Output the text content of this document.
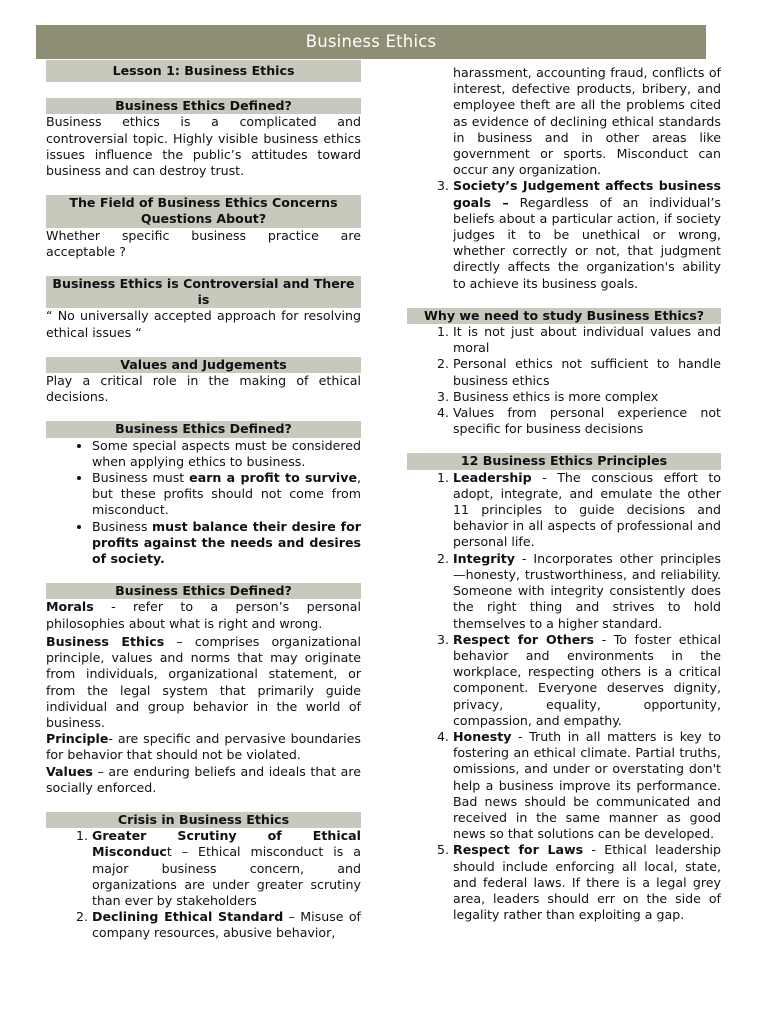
Business Ethics
Lesson 1: Business Ethics
Business Ethics Defined?

Business ethics is a complicated and controversial topic. Highly visible business ethics issues influence the public’s attitudes toward business and can destroy trust.

The Field of Business Ethics Concerns Questions About?

Whether specific business practice are acceptable ?

Business Ethics is Controversial and There is

“ No universally accepted approach for resolving ethical issues “

Values and Judgements

Play a critical role in the making of ethical decisions.

Business Ethics Defined?
• Some special aspects must be considered when applying ethics to business.
• Business must earn a profit to survive, but these profits should not come from misconduct.
• Business must balance their desire for profits against the needs and desires of society.
Business Ethics Defined?

Morals - refer to a person’s personal philosophies about what is right and wrong.

Business Ethics – comprises organizational principle, values and norms that may originate from individuals, organizational statement, or from the legal system that primarily guide individual and group behavior in the world of business.

Principle- are specific and pervasive boundaries for behavior that should not be violated.

Values – are enduring beliefs and ideals that are socially enforced.

Crisis in Business Ethics
1. Greater Scrutiny of Ethical Misconduct – Ethical misconduct is a major business concern, and organizations are under greater scrutiny than ever by stakeholders
2. Declining Ethical Standard – Misuse of company resources, abusive behavior,

harassment, accounting fraud, conflicts of interest, defective products, bribery, and employee theft are all the problems cited as evidence of declining ethical standards in business and in other areas like government or sports. Misconduct can occur any organization.

3. Society’s Judgement affects business goals – Regardless of an individual’s beliefs about a particular action, if society judges it to be unethical or wrong, whether correctly or not, that judgment directly affects the organization's ability to achieve its business goals.
Why we need to study Business Ethics?
1. It is not just about individual values and moral
2. Personal ethics not sufficient to handle business ethics
3. Business ethics is more complex
4. Values from personal experience not specific for business decisions
12 Business Ethics Principles
1. Leadership - The conscious effort to adopt, integrate, and emulate the other 11 principles to guide decisions and behavior in all aspects of professional and personal life.
2. Integrity - Incorporates other principles—honesty, trustworthiness, and reliability. Someone with integrity consistently does the right thing and strives to hold themselves to a higher standard.
3. Respect for Others - To foster ethical behavior and environments in the workplace, respecting others is a critical component. Everyone deserves dignity, privacy, equality, opportunity, compassion, and empathy.
4. Honesty - Truth in all matters is key to fostering an ethical climate. Partial truths, omissions, and under or overstating don't help a business improve its performance. Bad news should be communicated and received in the same manner as good news so that solutions can be developed.
5. Respect for Laws - Ethical leadership should include enforcing all local, state, and federal laws. If there is a legal grey area, leaders should err on the side of legality rather than exploiting a gap.
